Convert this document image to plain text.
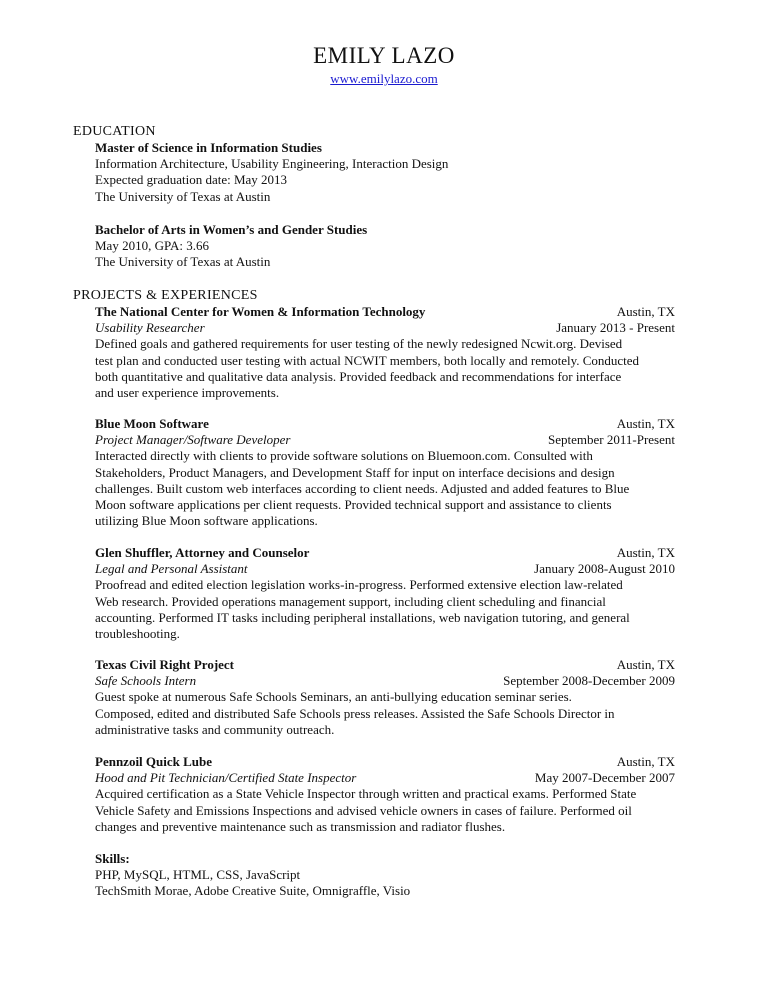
EMILY LAZO
www.emilylazo.com
EDUCATION
Master of Science in Information Studies
Information Architecture, Usability Engineering, Interaction Design
Expected graduation date: May 2013
The University of Texas at Austin
Bachelor of Arts in Women’s and Gender Studies
May 2010, GPA: 3.66
The University of Texas at Austin
PROJECTS & EXPERIENCES
The National Center for Women & Information Technology	Austin, TX
Usability Researcher	January 2013 - Present
Defined goals and gathered requirements for user testing of the newly redesigned Ncwit.org. Devised
test plan and conducted user testing with actual NCWIT members, both locally and remotely. Conducted
both quantitative and qualitative data analysis. Provided feedback and recommendations for interface
and user experience improvements.
Blue Moon Software	Austin, TX
Project Manager/Software Developer	September 2011-Present
Interacted directly with clients to provide software solutions on Bluemoon.com. Consulted with
Stakeholders, Product Managers, and Development Staff for input on interface decisions and design
challenges. Built custom web interfaces according to client needs. Adjusted and added features to Blue
Moon software applications per client requests. Provided technical support and assistance to clients
utilizing Blue Moon software applications.
Glen Shuffler, Attorney and Counselor	Austin, TX
Legal and Personal Assistant	January 2008-August 2010
Proofread and edited election legislation works-in-progress. Performed extensive election law-related
Web research. Provided operations management support, including client scheduling and financial
accounting. Performed IT tasks including peripheral installations, web navigation tutoring, and general
troubleshooting.
Texas Civil Right Project	Austin, TX
Safe Schools Intern	September 2008-December 2009
Guest spoke at numerous Safe Schools Seminars, an anti-bullying education seminar series.
Composed, edited and distributed Safe Schools press releases. Assisted the Safe Schools Director in
administrative tasks and community outreach.
Pennzoil Quick Lube	Austin, TX
Hood and Pit Technician/Certified State Inspector	May 2007-December 2007
Acquired certification as a State Vehicle Inspector through written and practical exams. Performed State
Vehicle Safety and Emissions Inspections and advised vehicle owners in cases of failure. Performed oil
changes and preventive maintenance such as transmission and radiator flushes.
Skills:
PHP, MySQL, HTML, CSS, JavaScript
TechSmith Morae, Adobe Creative Suite, Omnigraffle, Visio
